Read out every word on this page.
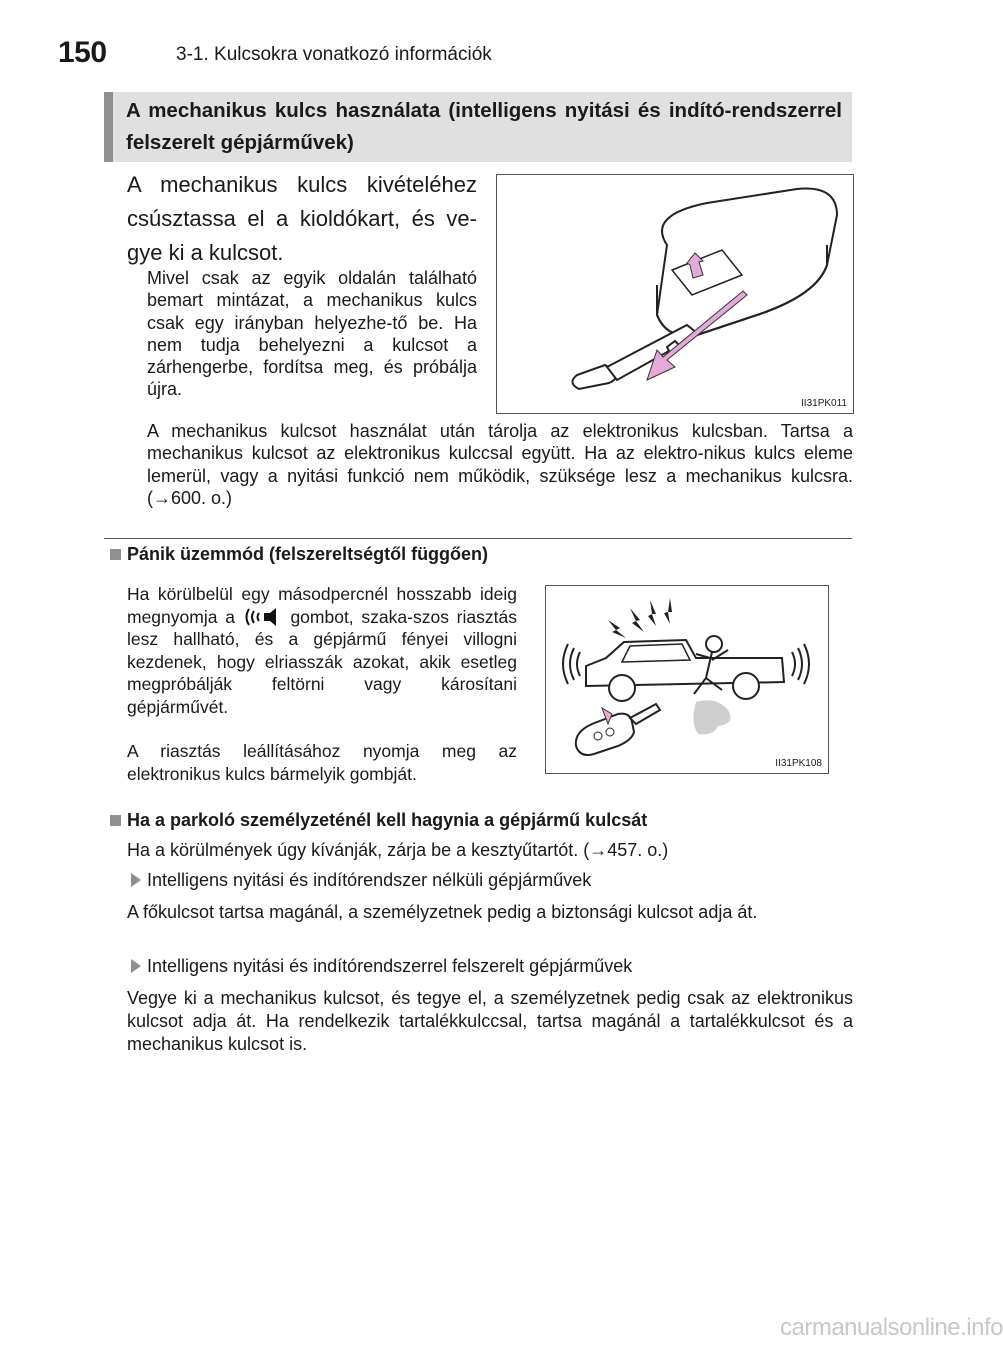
150	3-1. Kulcsokra vonatkozó információk
A mechanikus kulcs használata (intelligens nyitási és indító-rendszerrel felszerelt gépjárművek)
A mechanikus kulcs kivételéhez csúsztassa el a kioldókart, és ve-gye ki a kulcsot.
Mivel csak az egyik oldalán található bemart mintázat, a mechanikus kulcs csak egy irányban helyezhe-tő be. Ha nem tudja behelyezni a kulcsot a zárhengerbe, fordítsa meg, és próbálja újra.
II31PK011
A mechanikus kulcsot használat után tárolja az elektronikus kulcsban. Tartsa a mechanikus kulcsot az elektronikus kulccsal együtt. Ha az elektro-nikus kulcs eleme lemerül, vagy a nyitási funkció nem működik, szüksége lesz a mechanikus kulcsra. (→600. o.)
Pánik üzemmód (felszereltségtől függően)
Ha körülbelül egy másodpercnél hosszabb ideig megnyomja a	gombot, szaka-szos riasztás lesz hallható, és a gépjármű fényei villogni kezdenek, hogy elriasszák azokat, akik esetleg megpróbálják feltörni vagy károsítani gépjárművét.
A riasztás leállításához nyomja meg az elektronikus kulcs bármelyik gombját.
II31PK108
Ha a parkoló személyzeténél kell hagynia a gépjármű kulcsát
Ha a körülmények úgy kívánják, zárja be a kesztyűtartót. (→457. o.)
Intelligens nyitási és indítórendszer nélküli gépjárművek
A főkulcsot tartsa magánál, a személyzetnek pedig a biztonsági kulcsot adja át.
Intelligens nyitási és indítórendszerrel felszerelt gépjárművek
Vegye ki a mechanikus kulcsot, és tegye el, a személyzetnek pedig csak az elektronikus kulcsot adja át. Ha rendelkezik tartalékkulccsal, tartsa magánál a tartalékkulcsot és a mechanikus kulcsot is.
carmanualsonline.info
